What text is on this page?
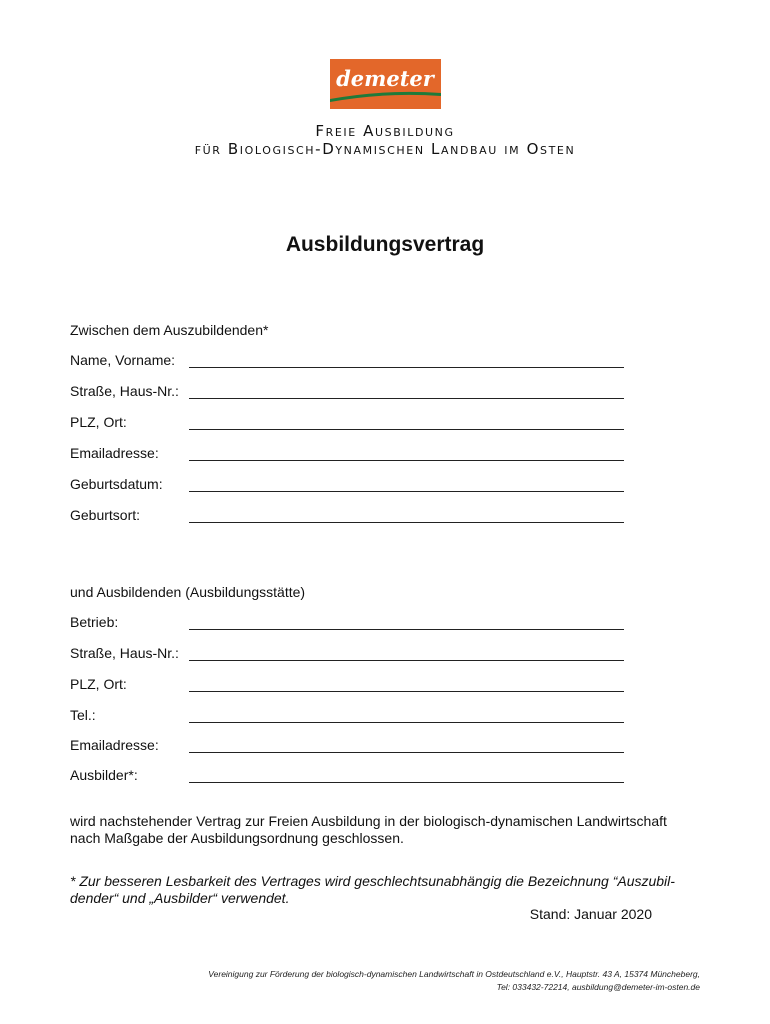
demeter
Freie Ausbildung
für Biologisch-Dynamischen Landbau im Osten
Ausbildungsvertrag
Zwischen dem Auszubildenden*
Name, Vorname:
Straße, Haus-Nr.:
PLZ, Ort:
Emailadresse:
Geburtsdatum:
Geburtsort:
und Ausbildenden (Ausbildungsstätte)
Betrieb:
Straße, Haus-Nr.:
PLZ, Ort:
Tel.:
Emailadresse:
Ausbilder*:
wird nachstehender Vertrag zur Freien Ausbildung in der biologisch-dynamischen Landwirtschaft
nach Maßgabe der Ausbildungsordnung geschlossen.
* Zur besseren Lesbarkeit des Vertrages wird geschlechtsunabhängig die Bezeichnung “Auszubil-
dender“ und „Ausbilder“ verwendet.
Stand: Januar 2020
Vereinigung zur Förderung der biologisch-dynamischen Landwirtschaft in Ostdeutschland e.V., Hauptstr. 43 A, 15374 Müncheberg,
Tel: 033432-72214, ausbildung@demeter-im-osten.de
